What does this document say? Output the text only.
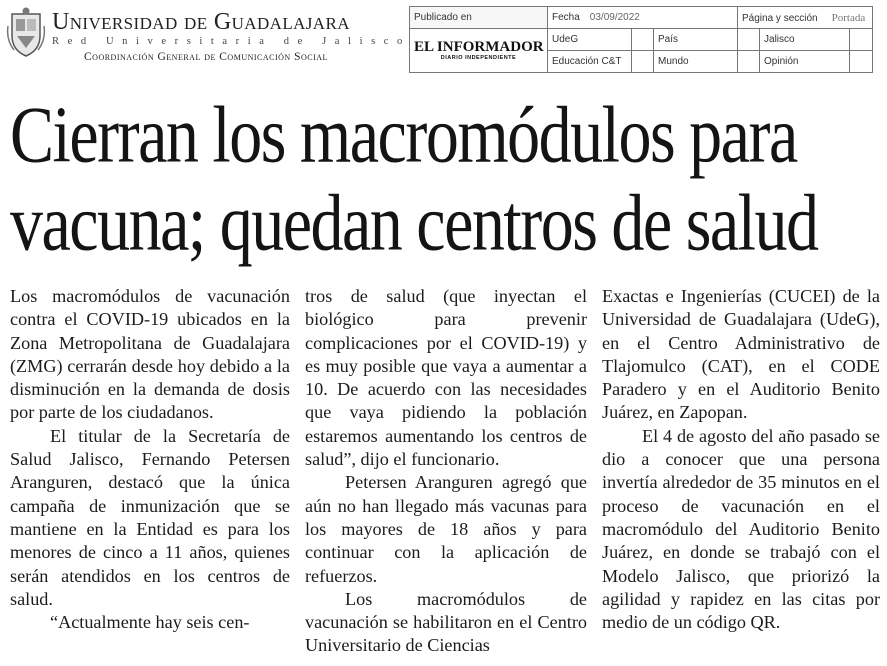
Universidad de Guadalajara
Red Universitaria de Jalisco
Coordinación General de Comunicación Social
Publicado en	Fecha 03/09/2022			Página y sección Portada		
EL INFORMADOR
DIARIO INDEPENDIENTE	UdeG		País		Jalisco	
	Educación C&T		Mundo		Opinión	
Cierran los macromódulos para
vacuna; quedan centros de salud

Los macromódulos de vacunación contra el COVID-19 ubicados en la Zona Metropolitana de Guadalajara (ZMG) cerrarán desde hoy debido a la disminución en la demanda de dosis por parte de los ciudadanos.

El titular de la Secretaría de Salud Jalisco, Fernando Petersen Aranguren, destacó que la única campaña de inmunización que se mantiene en la Entidad es para los menores de cinco a 11 años, quienes serán atendidos en los centros de salud.

“Actualmente hay seis cen-

tros de salud (que inyectan el biológico para prevenir complicaciones por el COVID-19) y es muy posible que vaya a aumentar a 10. De acuerdo con las necesidades que vaya pidiendo la población estaremos aumentando los centros de salud”, dijo el funcionario.

Petersen Aranguren agregó que aún no han llegado más vacunas para los mayores de 18 años y para continuar con la aplicación de refuerzos.

Los macromódulos de vacunación se habilitaron en el Centro Universitario de Ciencias

Exactas e Ingenierías (CUCEI) de la Universidad de Guadalajara (UdeG), en el Centro Administrativo de Tlajomulco (CAT), en el CODE Paradero y en el Auditorio Benito Juárez, en Zapopan.

El 4 de agosto del año pasado se dio a conocer que una persona invertía alrededor de 35 minutos en el proceso de vacunación en el macromódulo del Auditorio Benito Juárez, en donde se trabajó con el Modelo Jalisco, que priorizó la agilidad y rapidez en las citas por medio de un código QR.
